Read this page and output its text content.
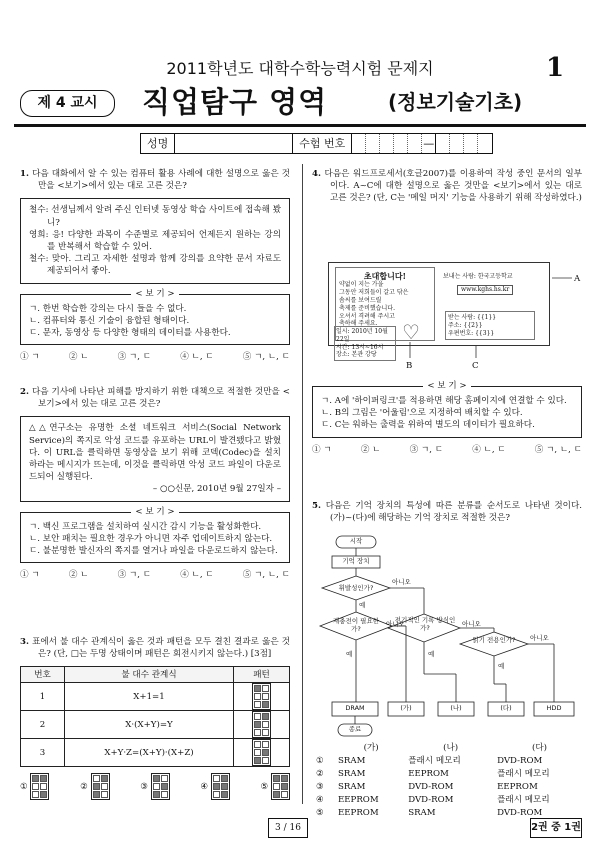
2011학년도 대학수학능력시험 문제지	1
제 4 교시	직업탐구 영역	(정보기술기초)
성명	수험 번호	—

1. 다음 대화에서 알 수 있는 컴퓨터 활용 사례에 대한 설명으로 옳은 것만을 <보기>에서 있는 대로 고른 것은?

철수: 선생님께서 알려 주신 인터넷 동영상 학습 사이트에 접속해 봤니?

영희: 응! 다양한 과목이 수준별로 제공되어 언제든지 원하는 강의를 반복해서 학습할 수 있어.

철수: 맞아. 그리고 자세한 설명과 함께 강의를 요약한 문서 자료도 제공되어서 좋아.

< 보 기 >

ㄱ. 한번 학습한 강의는 다시 들을 수 없다.

ㄴ. 컴퓨터와 통신 기술이 융합된 형태이다.

ㄷ. 문자, 동영상 등 다양한 형태의 데이터를 사용한다.

① ㄱ	② ㄴ	③ ㄱ, ㄷ	④ ㄴ, ㄷ	⑤ ㄱ, ㄴ, ㄷ

2. 다음 기사에 나타난 피해를 방지하기 위한 대책으로 적절한 것만을 <보기>에서 있는 대로 고른 것은?

△△연구소는 유명한 소셜 네트워크 서비스(Social Network Service)의 쪽지로 악성 코드를 유포하는 URL이 발견됐다고 밝혔다. 이 URL을 클릭하면 동영상을 보기 위해 코덱(Codec)을 설치하라는 메시지가 뜨는데, 이것을 클릭하면 악성 코드 파일이 다운로드되어 실행된다.

– ○○신문, 2010년 9월 27일자 –

< 보 기 >

ㄱ. 백신 프로그램을 설치하여 실시간 감시 기능을 활성화한다.

ㄴ. 보안 패치는 필요한 경우가 아니면 자주 업데이트하지 않는다.

ㄷ. 불분명한 발신자의 쪽지를 열거나 파일을 다운로드하지 않는다.

① ㄱ	② ㄴ	③ ㄱ, ㄷ	④ ㄴ, ㄷ	⑤ ㄱ, ㄴ, ㄷ

3. 표에서 불 대수 관계식이 옳은 것과 패턴을 모두 결친 결과로 옳은 것은? (단, □는 두명 상태이며 패턴은 회전시키지 않는다.) [3점]

번호	불 대수 관계식	패턴
1	X+1=1	

2	X·(X+Y)=Y	

3	X+Y·Z=(X+Y)·(X+Z)	
①	②	③	④	⑤

4. 다음은 워드프로세서(호글2007)를 이용하여 작성 중인 문서의 일부이다. A~C에 대한 설명으로 옳은 것만을 <보기>에서 있는 대로 고른 것은? (단, C는 '메일 머지' 기능을 사용하기 위해 작성하였다.)

초대합니다!
약없이 지는 가을
그동안 저희들이 갈고 닦은
솜씨를 보여드릴
축제를 준비했습니다.
오셔서 격려해 주시고
축하해 주세요.
보내는 사람: 한국고등학교
www.kghs.hs.kr
받는 사람: {{1}}
주소: {{2}}
우편번호: {{3}}
일시: 2010년 10월 22일
시간: 13시~16시
장소: 본관 강당
♡
A
B	C
< 보 기 >

ㄱ. A에 '하이퍼링크'를 적용하면 해당 홈페이지에 연결할 수 있다.

ㄴ. B의 그림은 '어울림'으로 지정하여 배치할 수 있다.

ㄷ. C는 워하는 출력을 위하여 별도의 데이터가 필요하다.

① ㄱ	② ㄴ	③ ㄱ, ㄷ	④ ㄴ, ㄷ	⑤ ㄱ, ㄴ, ㄷ

5. 다음은 기억 장치의 특성에 따른 분류를 순서도로 나타낸 것이다. (가)~(다)에 해당하는 기억 장치로 적절한 것은?

시작
기억 장치
휘발성인가?
아니오
예
재충전이 필요한가?
전기적인 기록 방식인가?
읽기 전용인가?
아니오	아니오
아니오
예	예
예
DRAM	(가)	(나)	(다)	HDD
종료
	(가)	(나)	(다)
①	SRAM	플래시 메모리	DVD-ROM
②	SRAM	EEPROM	플래시 메모리
③	SRAM	DVD-ROM	EEPROM
④	EEPROM	DVD-ROM	플래시 메모리
⑤	EEPROM	SRAM	DVD-ROM
3 / 16	2권 중 1권
